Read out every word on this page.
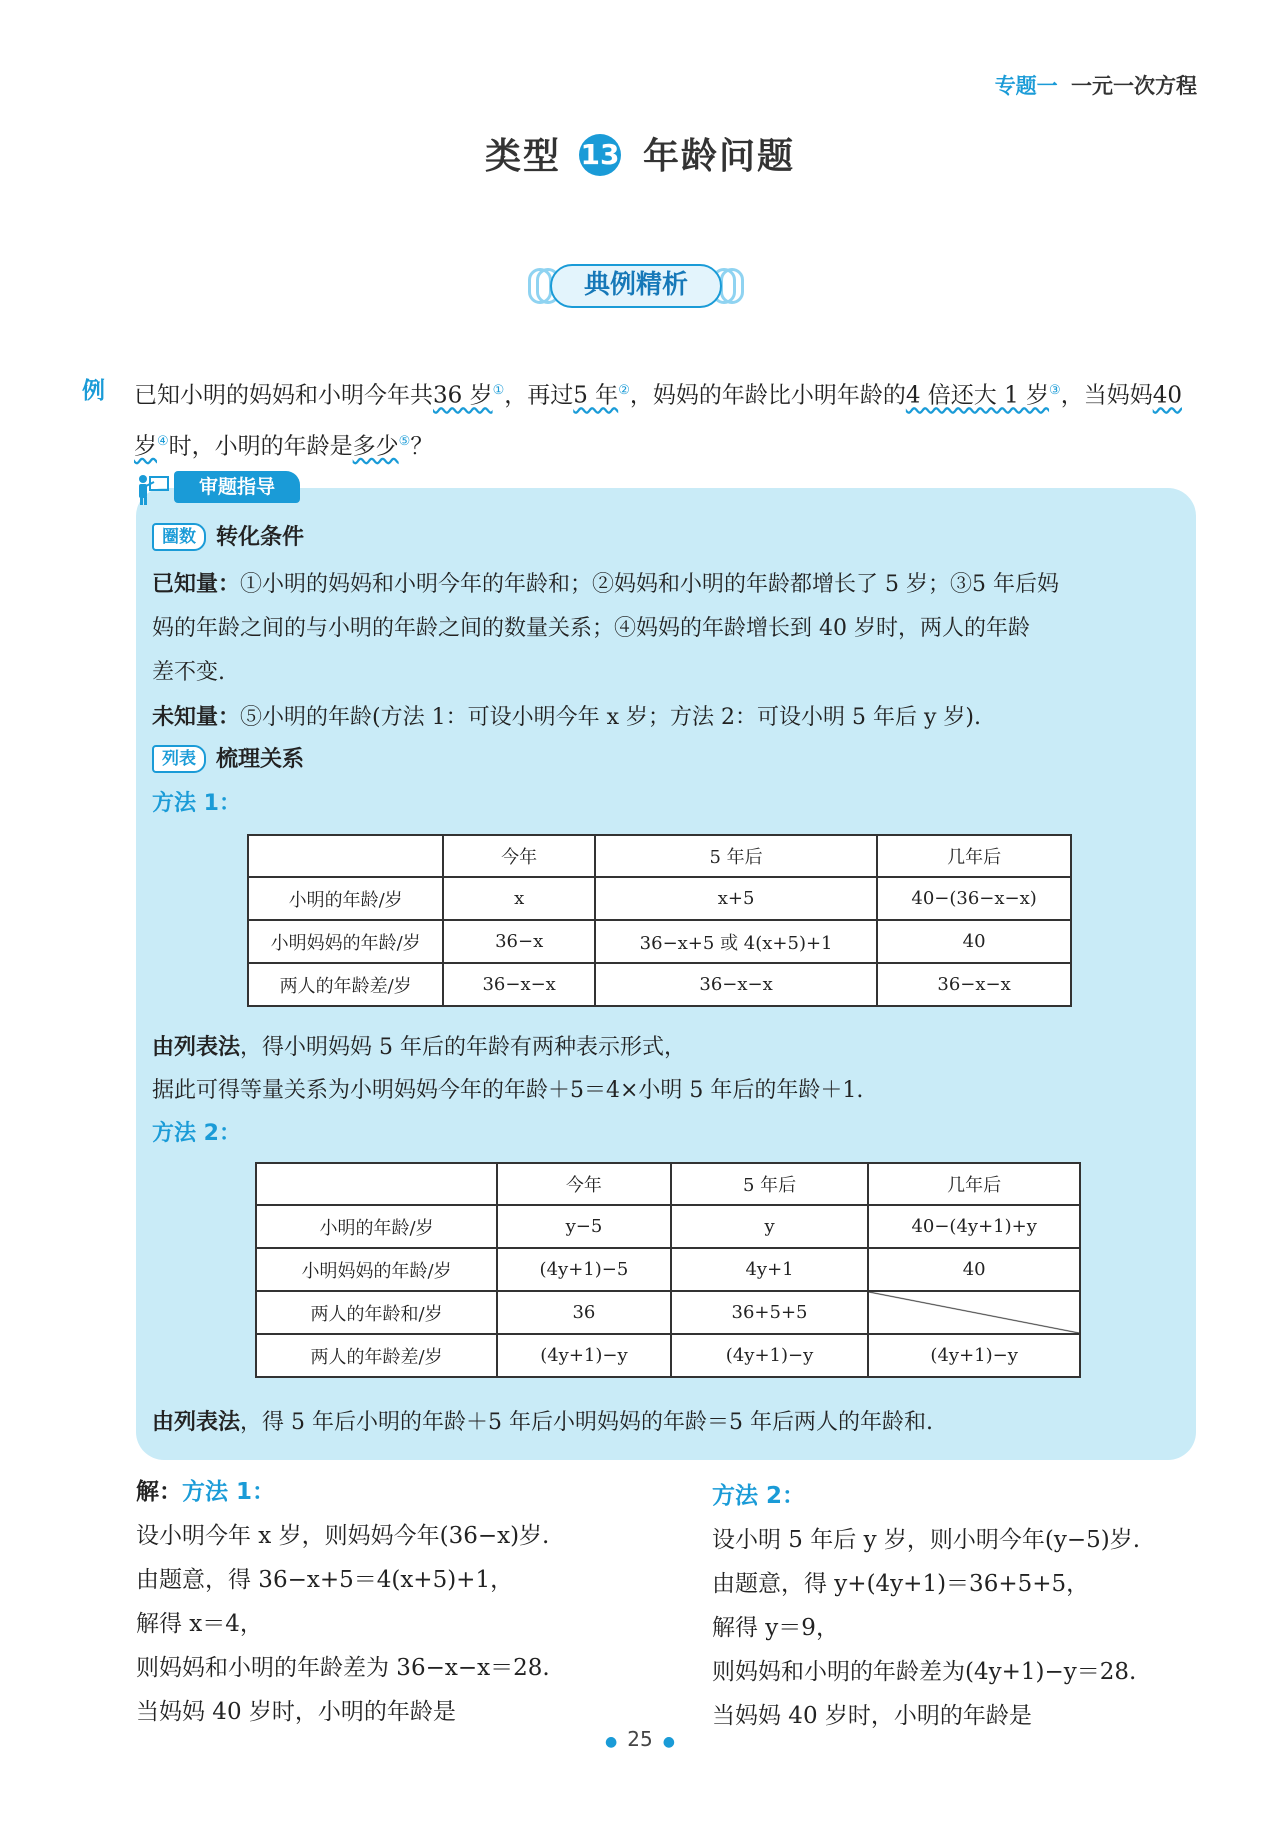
专题一 一元一次方程
类型 13 年龄问题
典例精析
例 已知小明的妈妈和小明今年共36 岁①，再过5 年②，妈妈的年龄比小明年龄的4 倍还大 1 岁③，当妈妈40 岁④时，小明的年龄是多少⑤？
审题指导
圈数 转化条件
已知量：①小明的妈妈和小明今年的年龄和；②妈妈和小明的年龄都增长了 5 岁；③5 年后妈
妈的年龄之间的与小明的年龄之间的数量关系；④妈妈的年龄增长到 40 岁时，两人的年龄
差不变.
未知量：⑤小明的年龄(方法 1：可设小明今年 x 岁；方法 2：可设小明 5 年后 y 岁).
列表 梳理关系
方法 1：
	今年	5 年后	几年后
小明的年龄/岁	x	x+5	40−(36−x−x)
小明妈妈的年龄/岁	36−x	36−x+5 或 4(x+5)+1	40
两人的年龄差/岁	36−x−x	36−x−x	36−x−x
由列表法，得小明妈妈 5 年后的年龄有两种表示形式，
据此可得等量关系为小明妈妈今年的年龄＋5＝4×小明 5 年后的年龄＋1.
方法 2：
	今年	5 年后	几年后
小明的年龄/岁	y−5	y	40−(4y+1)+y
小明妈妈的年龄/岁	(4y+1)−5	4y+1	40
两人的年龄和/岁	36	36+5+5	
两人的年龄差/岁	(4y+1)−y	(4y+1)−y	(4y+1)−y
由列表法，得 5 年后小明的年龄＋5 年后小明妈妈的年龄＝5 年后两人的年龄和.
解：方法 1：
设小明今年 x 岁，则妈妈今年(36−x)岁.
由题意，得 36−x+5＝4(x+5)+1，
解得 x＝4，
则妈妈和小明的年龄差为 36−x−x＝28.
当妈妈 40 岁时，小明的年龄是
方法 2：
设小明 5 年后 y 岁，则小明今年(y−5)岁.
由题意，得 y+(4y+1)＝36+5+5，
解得 y＝9，
则妈妈和小明的年龄差为(4y+1)−y＝28.
当妈妈 40 岁时，小明的年龄是
● 25 ●
